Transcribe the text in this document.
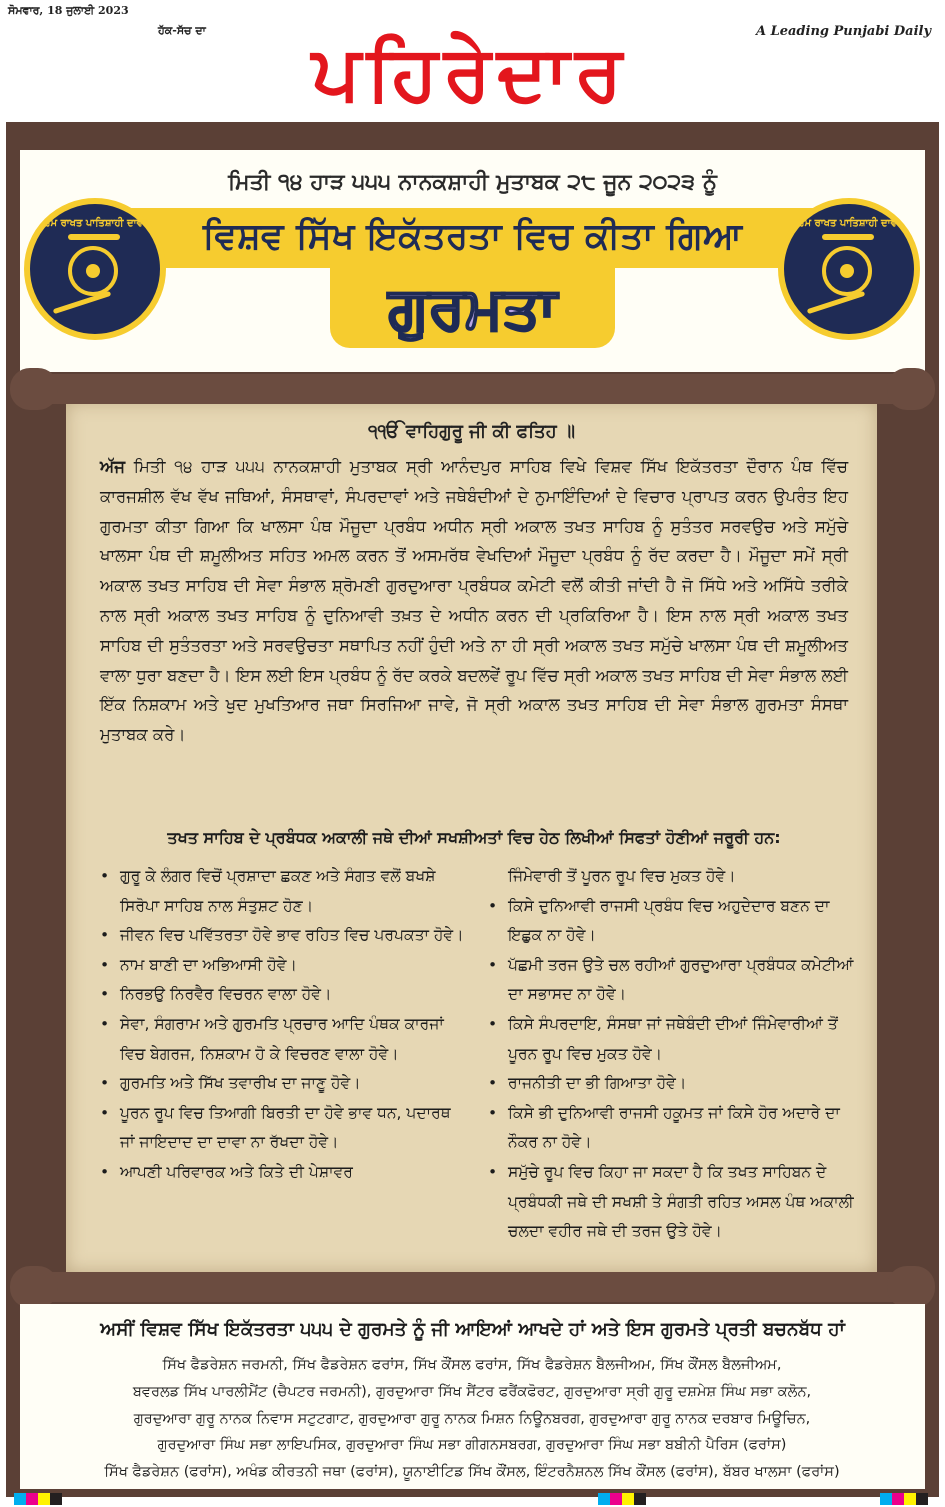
ਸੋਮਵਾਰ, 18 ਜੁਲਾਈ 2023
ਹੱਕ-ਸੱਚ ਦਾ	A Leading Punjabi Daily
ਪਹਿਰੇਦਾਰ
ਮਿਤੀ ੧੪ ਹਾੜ ੫੫੫ ਨਾਨਕਸ਼ਾਹੀ ਮੁਤਾਬਕ ੨੮ ਜੂਨ ੨੦੨੩ ਨੂੰ
ਵਿਸ਼ਵ ਸਿੱਖ ਇਕੱਤਰਤਾ ਵਿਚ ਕੀਤਾ ਗਿਆ
ਗੁਰਮਤਾ
ਹਮ ਰਾਖਤ ਪਾਤਿਸ਼ਾਹੀ ਦਾਵਾ	ਹਮ ਰਾਖਤ ਪਾਤਿਸ਼ਾਹੀ ਦਾਵਾ
੧ੴ ਵਾਹਿਗੁਰੂ ਜੀ ਕੀ ਫਤਿਹ ॥
ਅੱਜ ਮਿਤੀ ੧੪ ਹਾੜ ੫੫੫ ਨਾਨਕਸ਼ਾਹੀ ਮੁਤਾਬਕ ਸ੍ਰੀ ਆਨੰਦਪੁਰ ਸਾਹਿਬ ਵਿਖੇ ਵਿਸ਼ਵ ਸਿੱਖ ਇਕੱਤਰਤਾ ਦੌਰਾਨ ਪੰਥ ਵਿੱਚ ਕਾਰਜਸ਼ੀਲ ਵੱਖ ਵੱਖ ਜਥਿਆਂ, ਸੰਸਥਾਵਾਂ, ਸੰਪਰਦਾਵਾਂ ਅਤੇ ਜਥੇਬੰਦੀਆਂ ਦੇ ਨੁਮਾਇੰਦਿਆਂ ਦੇ ਵਿਚਾਰ ਪ੍ਰਾਪਤ ਕਰਨ ਉਪਰੰਤ ਇਹ ਗੁਰਮਤਾ ਕੀਤਾ ਗਿਆ ਕਿ ਖਾਲਸਾ ਪੰਥ ਮੌਜੂਦਾ ਪ੍ਰਬੰਧ ਅਧੀਨ ਸ੍ਰੀ ਅਕਾਲ ਤਖਤ ਸਾਹਿਬ ਨੂੰ ਸੁਤੰਤਰ ਸਰਵਉਚ ਅਤੇ ਸਮੁੱਚੇ ਖਾਲਸਾ ਪੰਥ ਦੀ ਸ਼ਮੂਲੀਅਤ ਸਹਿਤ ਅਮਲ ਕਰਨ ਤੋਂ ਅਸਮਰੱਥ ਵੇਖਦਿਆਂ ਮੌਜੂਦਾ ਪ੍ਰਬੰਧ ਨੂੰ ਰੱਦ ਕਰਦਾ ਹੈ। ਮੌਜੂਦਾ ਸਮੇਂ ਸ੍ਰੀ ਅਕਾਲ ਤਖਤ ਸਾਹਿਬ ਦੀ ਸੇਵਾ ਸੰਭਾਲ ਸ਼੍ਰੋਮਣੀ ਗੁਰਦੁਆਰਾ ਪ੍ਰਬੰਧਕ ਕਮੇਟੀ ਵਲੋਂ ਕੀਤੀ ਜਾਂਦੀ ਹੈ ਜੋ ਸਿੱਧੇ ਅਤੇ ਅਸਿੱਧੇ ਤਰੀਕੇ ਨਾਲ ਸ੍ਰੀ ਅਕਾਲ ਤਖਤ ਸਾਹਿਬ ਨੂੰ ਦੁਨਿਆਵੀ ਤਖ਼ਤ ਦੇ ਅਧੀਨ ਕਰਨ ਦੀ ਪ੍ਰਕਿਰਿਆ ਹੈ। ਇਸ ਨਾਲ ਸ੍ਰੀ ਅਕਾਲ ਤਖਤ ਸਾਹਿਬ ਦੀ ਸੁਤੰਤਰਤਾ ਅਤੇ ਸਰਵਉਚਤਾ ਸਥਾਪਿਤ ਨਹੀਂ ਹੁੰਦੀ ਅਤੇ ਨਾ ਹੀ ਸ੍ਰੀ ਅਕਾਲ ਤਖਤ ਸਮੁੱਚੇ ਖਾਲਸਾ ਪੰਥ ਦੀ ਸ਼ਮੂਲੀਅਤ ਵਾਲਾ ਧੁਰਾ ਬਣਦਾ ਹੈ। ਇਸ ਲਈ ਇਸ ਪ੍ਰਬੰਧ ਨੂੰ ਰੱਦ ਕਰਕੇ ਬਦਲਵੇਂ ਰੂਪ ਵਿੱਚ ਸ੍ਰੀ ਅਕਾਲ ਤਖਤ ਸਾਹਿਬ ਦੀ ਸੇਵਾ ਸੰਭਾਲ ਲਈ ਇੱਕ ਨਿਸ਼ਕਾਮ ਅਤੇ ਖੁਦ ਮੁਖਤਿਆਰ ਜਥਾ ਸਿਰਜਿਆ ਜਾਵੇ, ਜੋ ਸ੍ਰੀ ਅਕਾਲ ਤਖਤ ਸਾਹਿਬ ਦੀ ਸੇਵਾ ਸੰਭਾਲ ਗੁਰਮਤਾ ਸੰਸਥਾ ਮੁਤਾਬਕ ਕਰੇ।
ਤਖਤ ਸਾਹਿਬ ਦੇ ਪ੍ਰਬੰਧਕ ਅਕਾਲੀ ਜਥੇ ਦੀਆਂ ਸਖਸ਼ੀਅਤਾਂ ਵਿਚ ਹੇਠ ਲਿਖੀਆਂ ਸਿਫਤਾਂ ਹੋਣੀਆਂ ਜਰੂਰੀ ਹਨ:
• ਗੁਰੂ ਕੇ ਲੰਗਰ ਵਿਚੋਂ ਪ੍ਰਸ਼ਾਦਾ ਛਕਣ ਅਤੇ ਸੰਗਤ ਵਲੋਂ ਬਖਸ਼ੇ ਸਿਰੋਪਾ ਸਾਹਿਬ ਨਾਲ ਸੰਤੁਸ਼ਟ ਹੋਣ।
• ਜੀਵਨ ਵਿਚ ਪਵਿੱਤਰਤਾ ਹੋਵੇ ਭਾਵ ਰਹਿਤ ਵਿਚ ਪਰਪਕਤਾ ਹੋਵੇ।
• ਨਾਮ ਬਾਣੀ ਦਾ ਅਭਿਆਸੀ ਹੋਵੇ।
• ਨਿਰਭਉ ਨਿਰਵੈਰ ਵਿਚਰਨ ਵਾਲਾ ਹੋਵੇ।
• ਸੇਵਾ, ਸੰਗਰਾਮ ਅਤੇ ਗੁਰਮਤਿ ਪ੍ਰਚਾਰ ਆਦਿ ਪੰਥਕ ਕਾਰਜਾਂ ਵਿਚ ਬੇਗਰਜ, ਨਿਸ਼ਕਾਮ ਹੋ ਕੇ ਵਿਚਰਣ ਵਾਲਾ ਹੋਵੇ।
• ਗੁਰਮਤਿ ਅਤੇ ਸਿੱਖ ਤਵਾਰੀਖ ਦਾ ਜਾਣੂ ਹੋਵੇ।
• ਪੂਰਨ ਰੂਪ ਵਿਚ ਤਿਆਗੀ ਬਿਰਤੀ ਦਾ ਹੋਵੇ ਭਾਵ ਧਨ, ਪਦਾਰਥ ਜਾਂ ਜਾਇਦਾਦ ਦਾ ਦਾਵਾ ਨਾ ਰੱਖਦਾ ਹੋਵੇ।
• ਆਪਣੀ ਪਰਿਵਾਰਕ ਅਤੇ ਕਿਤੇ ਦੀ ਪੇਸ਼ਾਵਰ
ਜਿੰਮੇਵਾਰੀ ਤੋਂ ਪੂਰਨ ਰੂਪ ਵਿਚ ਮੁਕਤ ਹੋਵੇ।
• ਕਿਸੇ ਦੁਨਿਆਵੀ ਰਾਜਸੀ ਪ੍ਰਬੰਧ ਵਿਚ ਅਹੁਦੇਦਾਰ ਬਣਨ ਦਾ ਇਛੁਕ ਨਾ ਹੋਵੇ।
• ਪੱਛਮੀ ਤਰਜ ਉਤੇ ਚਲ ਰਹੀਆਂ ਗੁਰਦੁਆਰਾ ਪ੍ਰਬੰਧਕ ਕਮੇਟੀਆਂ ਦਾ ਸਭਾਸਦ ਨਾ ਹੋਵੇ।
• ਕਿਸੇ ਸੰਪਰਦਾਇ, ਸੰਸਥਾ ਜਾਂ ਜਥੇਬੰਦੀ ਦੀਆਂ ਜਿੰਮੇਵਾਰੀਆਂ ਤੋਂ ਪੂਰਨ ਰੂਪ ਵਿਚ ਮੁਕਤ ਹੋਵੇ।
• ਰਾਜਨੀਤੀ ਦਾ ਭੀ ਗਿਆਤਾ ਹੋਵੇ।
• ਕਿਸੇ ਭੀ ਦੁਨਿਆਵੀ ਰਾਜਸੀ ਹਕੂਮਤ ਜਾਂ ਕਿਸੇ ਹੋਰ ਅਦਾਰੇ ਦਾ ਨੌਕਰ ਨਾ ਹੋਵੇ।
• ਸਮੁੱਚੇ ਰੂਪ ਵਿਚ ਕਿਹਾ ਜਾ ਸਕਦਾ ਹੈ ਕਿ ਤਖਤ ਸਾਹਿਬਨ ਦੇ ਪ੍ਰਬੰਧਕੀ ਜਥੇ ਦੀ ਸਖਸ਼ੀ ਤੇ ਸੰਗਤੀ ਰਹਿਤ ਅਸਲ ਪੰਥ ਅਕਾਲੀ ਚਲਦਾ ਵਹੀਰ ਜਥੇ ਦੀ ਤਰਜ ਉਤੇ ਹੋਵੇ।
ਅਸੀਂ ਵਿਸ਼ਵ ਸਿੱਖ ਇਕੱਤਰਤਾ ੫੫੫ ਦੇ ਗੁਰਮਤੇ ਨੂੰ ਜੀ ਆਇਆਂ ਆਖਦੇ ਹਾਂ ਅਤੇ ਇਸ ਗੁਰਮਤੇ ਪ੍ਰਤੀ ਬਚਨਬੱਧ ਹਾਂ
ਸਿੱਖ ਫੈਡਰੇਸ਼ਨ ਜਰਮਨੀ, ਸਿੱਖ ਫੈਡਰੇਸ਼ਨ ਫਰਾਂਸ, ਸਿੱਖ ਕੌਂਸਲ ਫਰਾਂਸ, ਸਿੱਖ ਫੈਡਰੇਸ਼ਨ ਬੈਲਜੀਅਮ, ਸਿੱਖ ਕੌਂਸਲ ਬੈਲਜੀਅਮ,
ਬਵਰਲਡ ਸਿੱਖ ਪਾਰਲੀਮੈਂਟ (ਚੈਪਟਰ ਜਰਮਨੀ), ਗੁਰਦੁਆਰਾ ਸਿੱਖ ਸੈਂਟਰ ਫਰੈਂਕਫੋਰਟ, ਗੁਰਦੁਆਰਾ ਸ੍ਰੀ ਗੁਰੂ ਦਸ਼ਮੇਸ਼ ਸਿੰਘ ਸਭਾ ਕਲੋਨ,
ਗੁਰਦੁਆਰਾ ਗੁਰੂ ਨਾਨਕ ਨਿਵਾਸ ਸਟੁਟਗਾਟ, ਗੁਰਦੁਆਰਾ ਗੁਰੂ ਨਾਨਕ ਮਿਸ਼ਨ ਨਿਊਨਬਰਗ, ਗੁਰਦੁਆਰਾ ਗੁਰੂ ਨਾਨਕ ਦਰਬਾਰ ਮਿਊਚਿਨ,
ਗੁਰਦੁਆਰਾ ਸਿੰਘ ਸਭਾ ਲਾਇਪਸਿਕ, ਗੁਰਦੁਆਰਾ ਸਿੰਘ ਸਭਾ ਗੀਗਨਸਬਰਗ, ਗੁਰਦੁਆਰਾ ਸਿੰਘ ਸਭਾ ਬਬੀਨੀ ਪੈਰਿਸ (ਫਰਾਂਸ)
ਸਿੱਖ ਫੈਡਰੇਸ਼ਨ (ਫਰਾਂਸ), ਅਖੰਡ ਕੀਰਤਨੀ ਜਥਾ (ਫਰਾਂਸ), ਯੂਨਾਈਟਿਡ ਸਿੱਖ ਕੌਂਸਲ, ਇੰਟਰਨੈਸ਼ਨਲ ਸਿੱਖ ਕੌਂਸਲ (ਫਰਾਂਸ), ਬੱਬਰ ਖਾਲਸਾ (ਫਰਾਂਸ)
